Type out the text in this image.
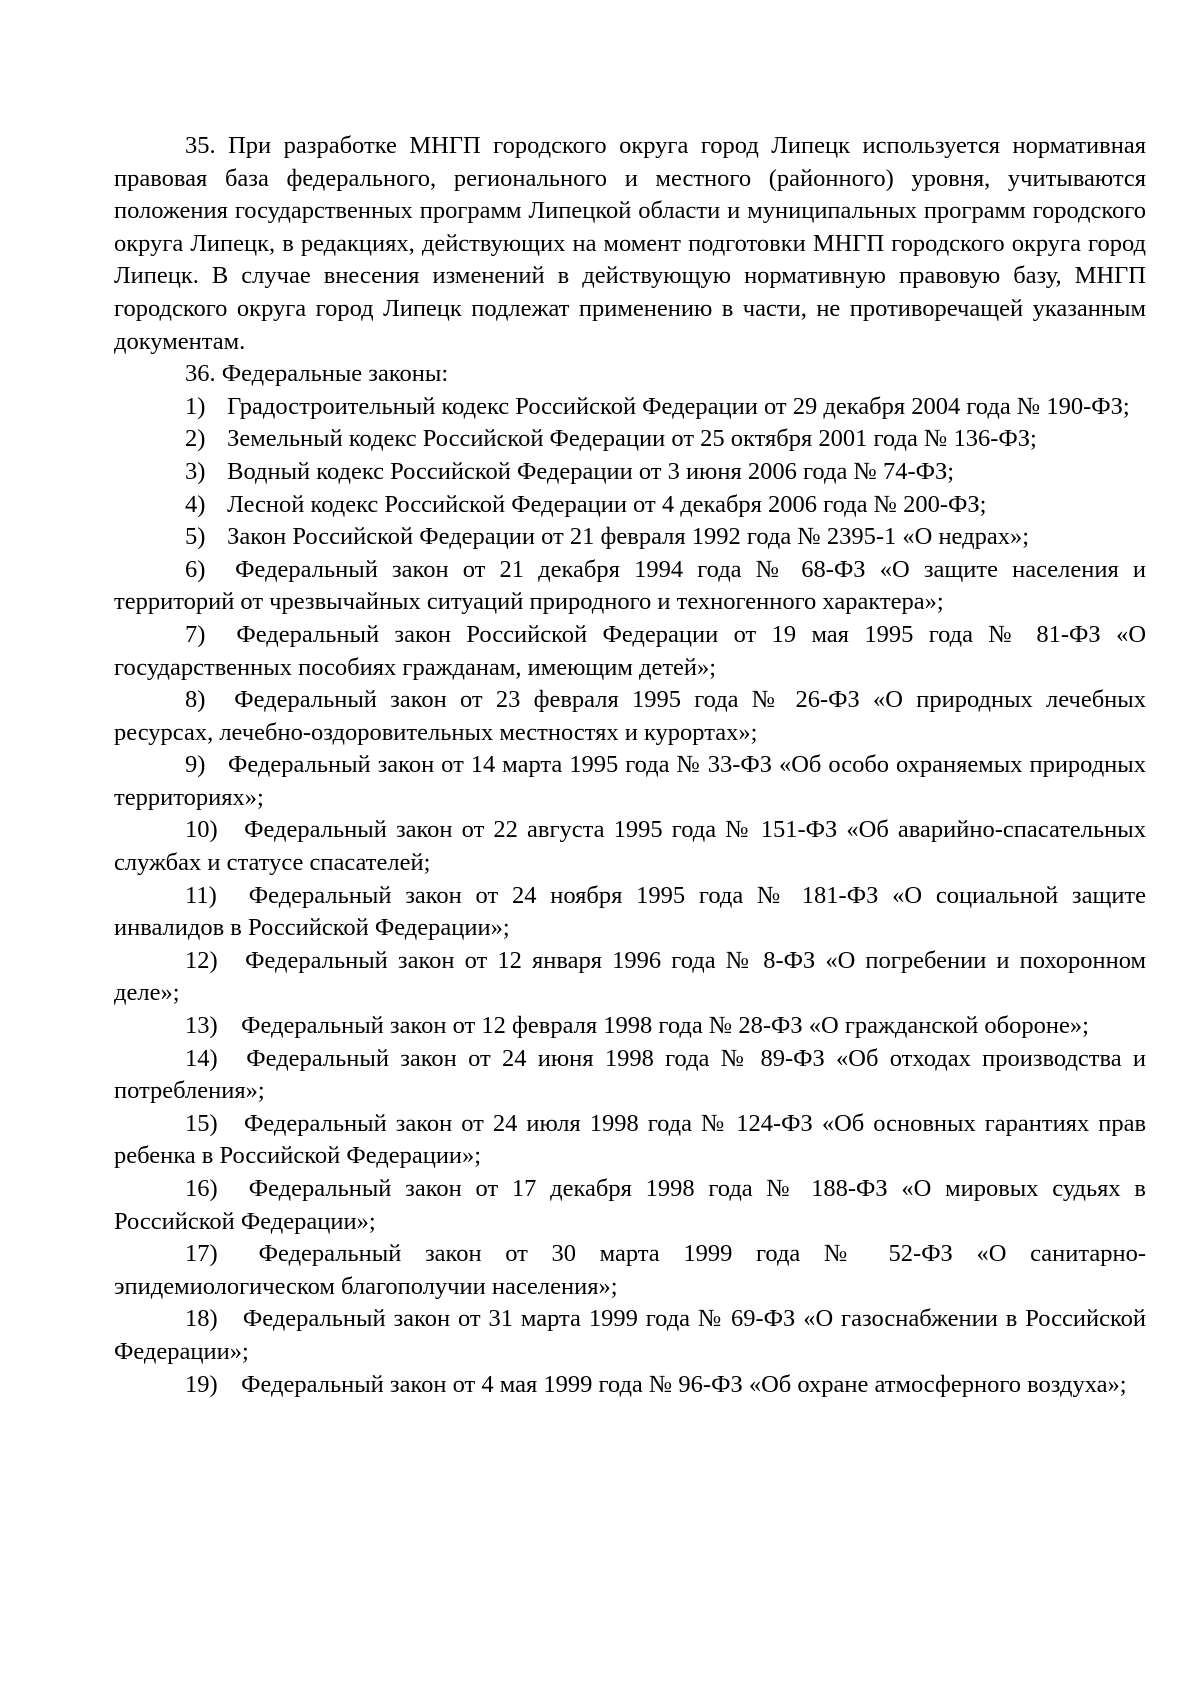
35. При разработке МНГП городского округа город Липецк используется нормативная правовая база федерального, регионального и местного (районного) уровня, учитываются положения государственных программ Липецкой области и муниципальных программ городского округа Липецк, в редакциях, действующих на момент подготовки МНГП городского округа город Липецк. В случае внесения изменений в действующую нормативную правовую базу, МНГП городского округа город Липецк подлежат применению в части, не противоречащей указанным документам.

36. Федеральные законы:

1) Градостроительный кодекс Российской Федерации от 29 декабря 2004 года № 190-ФЗ;

2) Земельный кодекс Российской Федерации от 25 октября 2001 года № 136-ФЗ;

3) Водный кодекс Российской Федерации от 3 июня 2006 года № 74-ФЗ;

4) Лесной кодекс Российской Федерации от 4 декабря 2006 года № 200-ФЗ;

5) Закон Российской Федерации от 21 февраля 1992 года № 2395-1 «О недрах»;

6) Федеральный закон от 21 декабря 1994 года № 68-ФЗ «О защите населения и территорий от чрезвычайных ситуаций природного и техногенного характера»;

7) Федеральный закон Российской Федерации от 19 мая 1995 года № 81-ФЗ «О государственных пособиях гражданам, имеющим детей»;

8) Федеральный закон от 23 февраля 1995 года № 26-ФЗ «О природных лечебных ресурсах, лечебно-оздоровительных местностях и курортах»;

9) Федеральный закон от 14 марта 1995 года № 33-ФЗ «Об особо охраняемых природных территориях»;

10) Федеральный закон от 22 августа 1995 года № 151-ФЗ «Об аварийно-спасательных службах и статусе спасателей;

11) Федеральный закон от 24 ноября 1995 года № 181-ФЗ «О социальной защите инвалидов в Российской Федерации»;

12) Федеральный закон от 12 января 1996 года № 8-ФЗ «О погребении и похоронном деле»;

13) Федеральный закон от 12 февраля 1998 года № 28-ФЗ «О гражданской обороне»;

14) Федеральный закон от 24 июня 1998 года № 89-ФЗ «Об отходах производства и потребления»;

15) Федеральный закон от 24 июля 1998 года № 124-ФЗ «Об основных гарантиях прав ребенка в Российской Федерации»;

16) Федеральный закон от 17 декабря 1998 года № 188-ФЗ «О мировых судьях в Российской Федерации»;

17) Федеральный закон от 30 марта 1999 года № 52-ФЗ «О санитарно-эпидемиологическом благополучии населения»;

18) Федеральный закон от 31 марта 1999 года № 69-ФЗ «О газоснабжении в Российской Федерации»;

19) Федеральный закон от 4 мая 1999 года № 96-ФЗ «Об охране атмосферного воздуха»;
